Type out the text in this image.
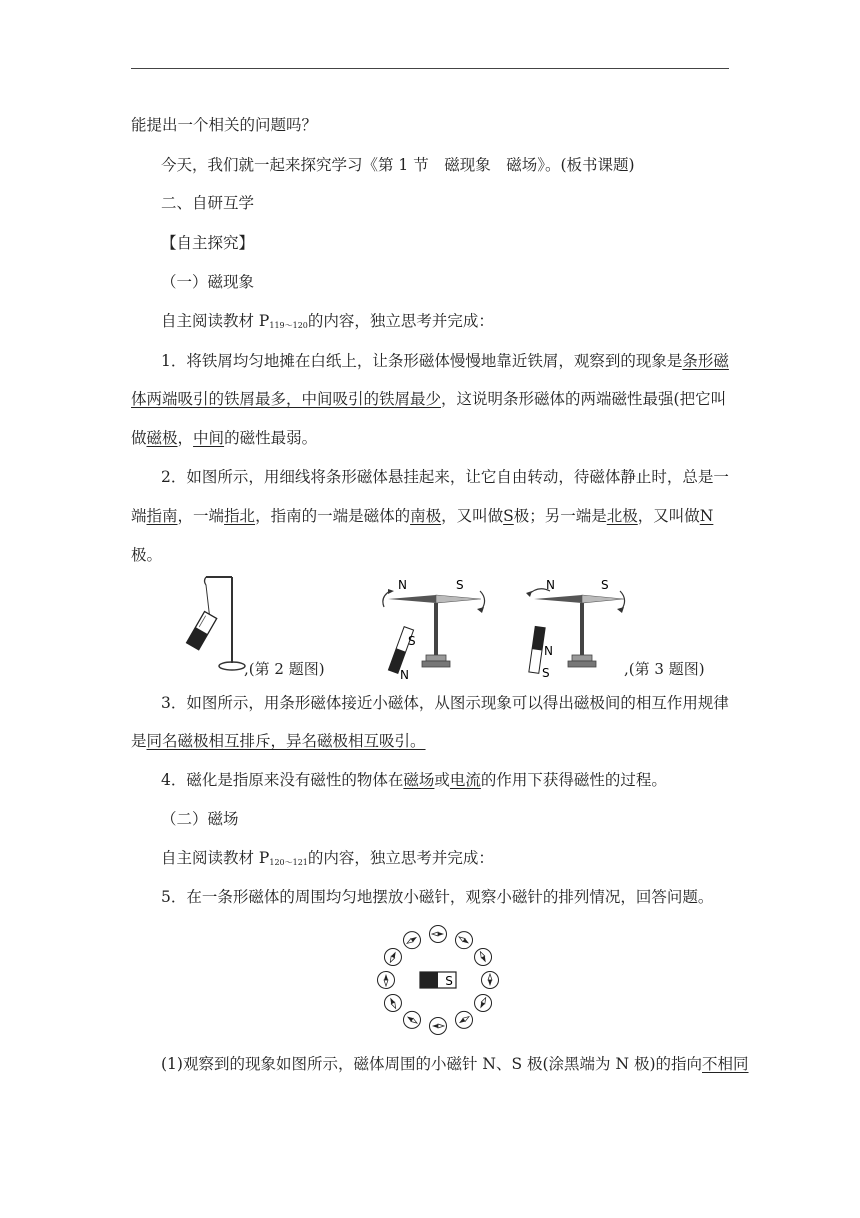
能提出一个相关的问题吗？
今天，我们就一起来探究学习《第 1 节　磁现象　磁场》。(板书课题)
二、自研互学
【自主探究】
（一）磁现象
自主阅读教材 $P_{119\sim 120}$的内容，独立思考并完成：
1．将铁屑均匀地摊在白纸上，让条形磁体慢慢地靠近铁屑，观察到的现象是条形磁
体两端吸引的铁屑最多，中间吸引的铁屑最少，这说明条形磁体的两端磁性最强(把它叫
做磁极，中间的磁性最弱。
2．如图所示，用细线将条形磁体悬挂起来，让它自由转动，待磁体静止时，总是一
端指南，一端指北，指南的一端是磁体的南极，又叫做S极；另一端是北极，又叫做N
极。
,(第 2 题图)
N	S
S
N
N	S
N
S	,(第 3 题图)
3．如图所示，用条形磁体接近小磁体，从图示现象可以得出磁极间的相互作用规律
是同名磁极相互排斥，异名磁极相互吸引。
4．磁化是指原来没有磁性的物体在磁场或电流的作用下获得磁性的过程。
（二）磁场
自主阅读教材 $P_{120\sim 121}$的内容，独立思考并完成：
5．在一条形磁体的周围均匀地摆放小磁针，观察小磁针的排列情况，回答问题。
S
(1)观察到的现象如图所示，磁体周围的小磁针 N、S 极(涂黑端为 N 极)的指向不相同
